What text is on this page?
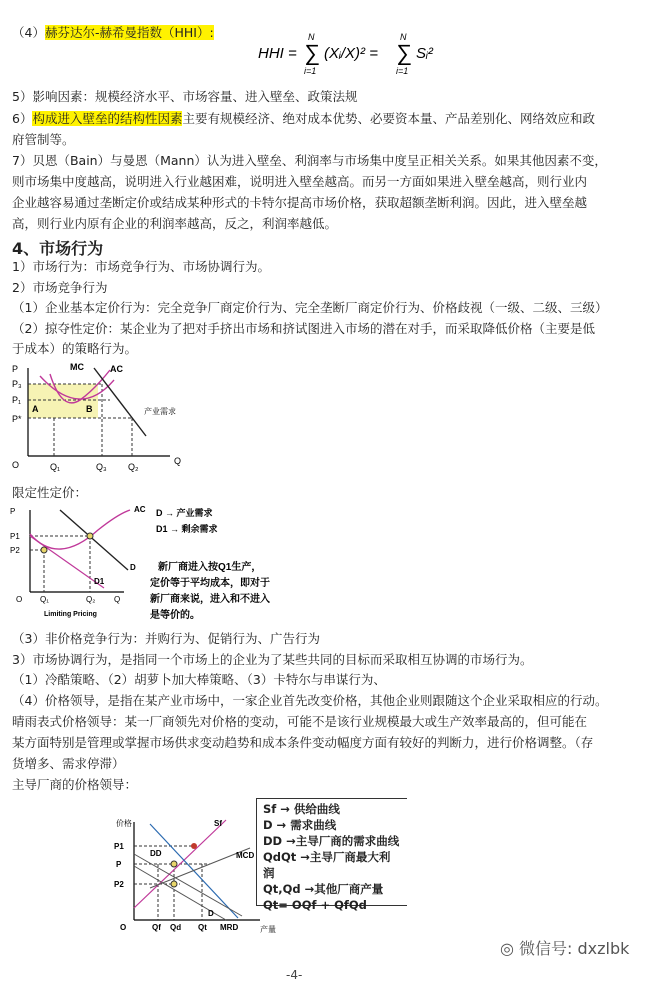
（4）赫芬达尔-赫希曼指数（HHI）:
HHI =
N
∑
i=1
(Xᵢ/X)² =
N
∑
i=1
Sᵢ²
5）影响因素：规模经济水平、市场容量、进入壁垒、政策法规
6）构成进入壁垒的结构性因素主要有规模经济、绝对成本优势、必要资本量、产品差别化、网络效应和政
府管制等。
7）贝恩（Bain）与曼恩（Mann）认为进入壁垒、利润率与市场集中度呈正相关关系。如果其他因素不变，
则市场集中度越高，说明进入行业越困难，说明进入壁垒越高。而另一方面如果进入壁垒越高，则行业内
企业越容易通过垄断定价或结成某种形式的卡特尔提高市场价格，获取超额垄断利润。因此，进入壁垒越
高，则行业内原有企业的利润率越高，反之，利润率越低。
4、市场行为
1）市场行为：市场竞争行为、市场协调行为。
2）市场竞争行为
（1）企业基本定价行为：完全竞争厂商定价行为、完全垄断厂商定价行为、价格歧视（一级、二级、三级）
（2）掠夺性定价：某企业为了把对手挤出市场和挤试图进入市场的潜在对手，而采取降低价格（主要是低
于成本）的策略行为。
P
P₃
P₁
P*
O	Q
Q₁	Q₃ Q₂
MC	AC
A	B	产业需求
限定性定价：
P
P1
P2
O Q₁	Q₂ Q
AC
D
D1
Limiting Pricing
D → 产业需求
D1 → 剩余需求
新厂商进入按Q1生产，
定价等于平均成本，即对于
新厂商来说，进入和不进入
是等价的。
（3）非价格竞争行为：并购行为、促销行为、广告行为
3）市场协调行为，是指同一个市场上的企业为了某些共同的目标而采取相互协调的市场行为。
（1）冷酷策略、（2）胡萝卜加大棒策略、（3）卡特尔与串谋行为、
（4）价格领导，是指在某产业市场中，一家企业首先改变价格，其他企业则跟随这个企业采取相应的行动。
晴雨表式价格领导：某一厂商领先对价格的变动，可能不是该行业规模最大或生产效率最高的，但可能在
某方面特别是管理或掌握市场供求变动趋势和成本条件变动幅度方面有较好的判断力，进行价格调整。（存
货增多、需求停滞）
主导厂商的价格领导：
价格
P1
P
P2
O	Qf Qd Qt
Sf
MCD
DD
D
MRD	产量
Sf → 供给曲线
D → 需求曲线
DD →主导厂商的需求曲线
QdQt →主导厂商最大利润
Qt,Qd →其他厂商产量
Qt= OQf + QfQd
◎ 微信号: dxzlbk
-4-
